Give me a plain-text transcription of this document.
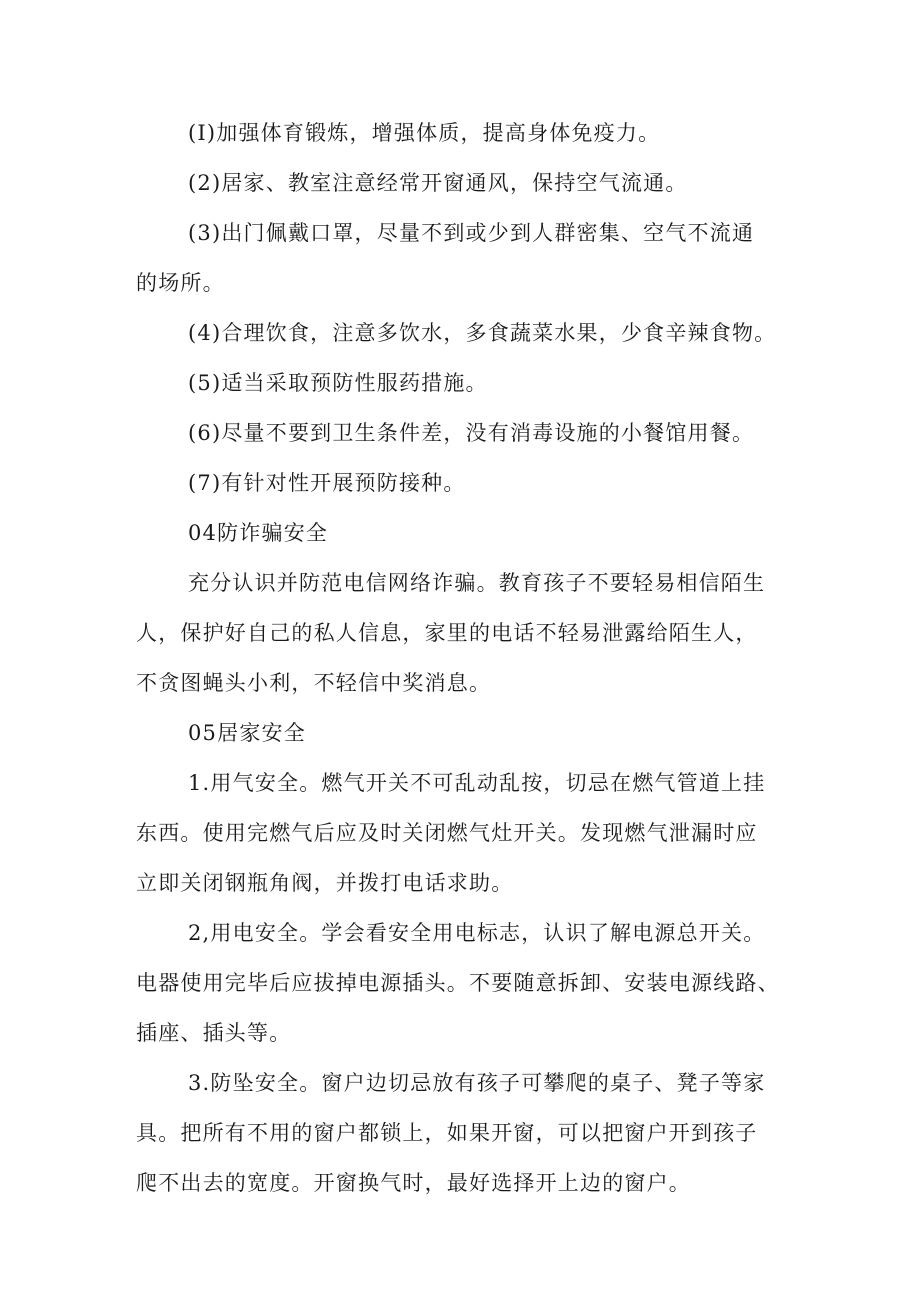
(I)加强体育锻炼，增强体质，提高身体免疫力。

(2)居家、教室注意经常开窗通风，保持空气流通。

(3)出门佩戴口罩，尽量不到或少到人群密集、空气不流通

的场所。

(4)合理饮食，注意多饮水，多食蔬菜水果，少食辛辣食物。

(5)适当采取预防性服药措施。

(6)尽量不要到卫生条件差，没有消毒设施的小餐馆用餐。

(7)有针对性开展预防接种。

04防诈骗安全

充分认识并防范电信网络诈骗。教育孩子不要轻易相信陌生

人，保护好自己的私人信息，家里的电话不轻易泄露给陌生人，

不贪图蝇头小利，不轻信中奖消息。

05居家安全

1.用气安全。燃气开关不可乱动乱按，切忌在燃气管道上挂

东西。使用完燃气后应及时关闭燃气灶开关。发现燃气泄漏时应

立即关闭钢瓶角阀，并拨打电话求助。

2,用电安全。学会看安全用电标志，认识了解电源总开关。

电器使用完毕后应拔掉电源插头。不要随意拆卸、安装电源线路、

插座、插头等。

3.防坠安全。窗户边切忌放有孩子可攀爬的桌子、凳子等家

具。把所有不用的窗户都锁上，如果开窗，可以把窗户开到孩子

爬不出去的宽度。开窗换气时，最好选择开上边的窗户。
